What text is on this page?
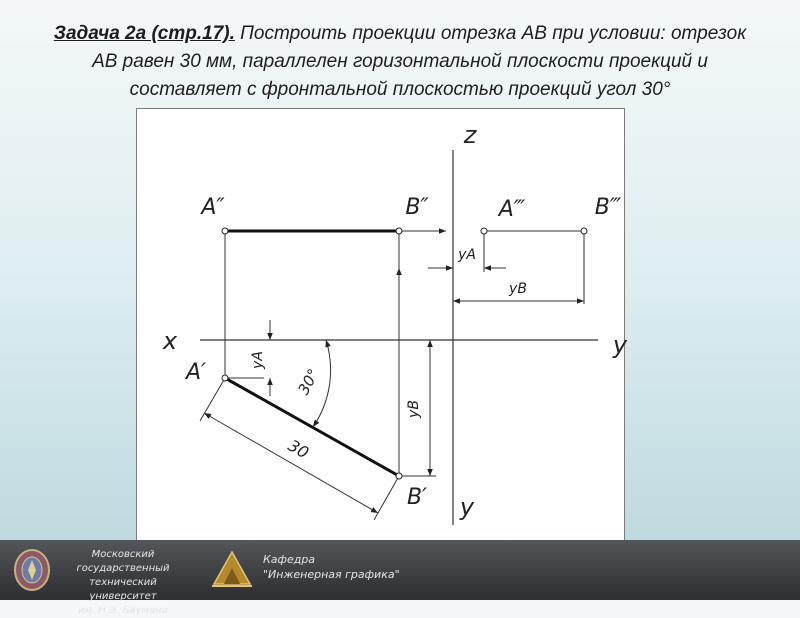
Задача 2а (стр.17). Построить проекции отрезка АВ при условии: отрезок АВ равен 30 мм, параллелен горизонтальной плоскости проекций и составляет с фронтальной плоскостью проекций угол 30°
z
x	y
y
A″	B″	A‴	B‴
A′
B′
yA
yB
yA
yB
30°
30
Московский государственный
технический университет
им. Н.Э. Баумана
Кафедра
"Инженерная графика"
